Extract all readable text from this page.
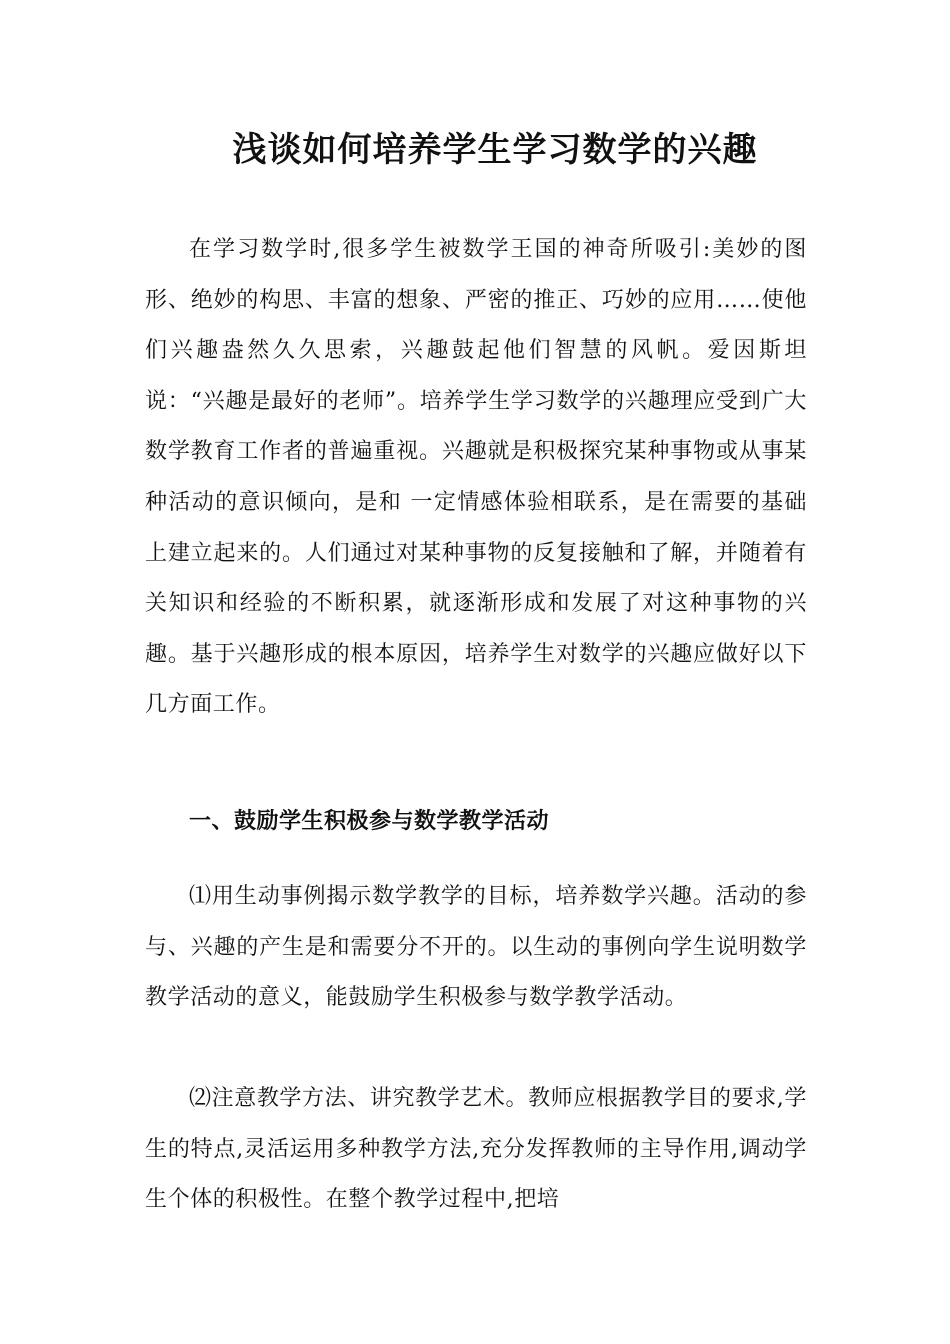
浅谈如何培养学生学习数学的兴趣

在学习数学时,很多学生被数学王国的神奇所吸引:美妙的图形、绝妙的构思、丰富的想象、严密的推正、巧妙的应用……使他们兴趣盎然久久思索，兴趣鼓起他们智慧的风帆。爱因斯坦说：“兴趣是最好的老师”。培养学生学习数学的兴趣理应受到广大数学教育工作者的普遍重视。兴趣就是积极探究某种事物或从事某种活动的意识倾向，是和 一定情感体验相联系，是在需要的基础上建立起来的。人们通过对某种事物的反复接触和了解，并随着有关知识和经验的不断积累，就逐渐形成和发展了对这种事物的兴趣。基于兴趣形成的根本原因，培养学生对数学的兴趣应做好以下几方面工作。

一、鼓励学生积极参与数学教学活动

⑴用生动事例揭示数学教学的目标，培养数学兴趣。活动的参与、兴趣的产生是和需要分不开的。以生动的事例向学生说明数学教学活动的意义，能鼓励学生积极参与数学教学活动。

⑵注意教学方法、讲究教学艺术。教师应根据教学目的要求,学生的特点,灵活运用多种教学方法,充分发挥教师的主导作用,调动学生个体的积极性。在整个教学过程中,把培
